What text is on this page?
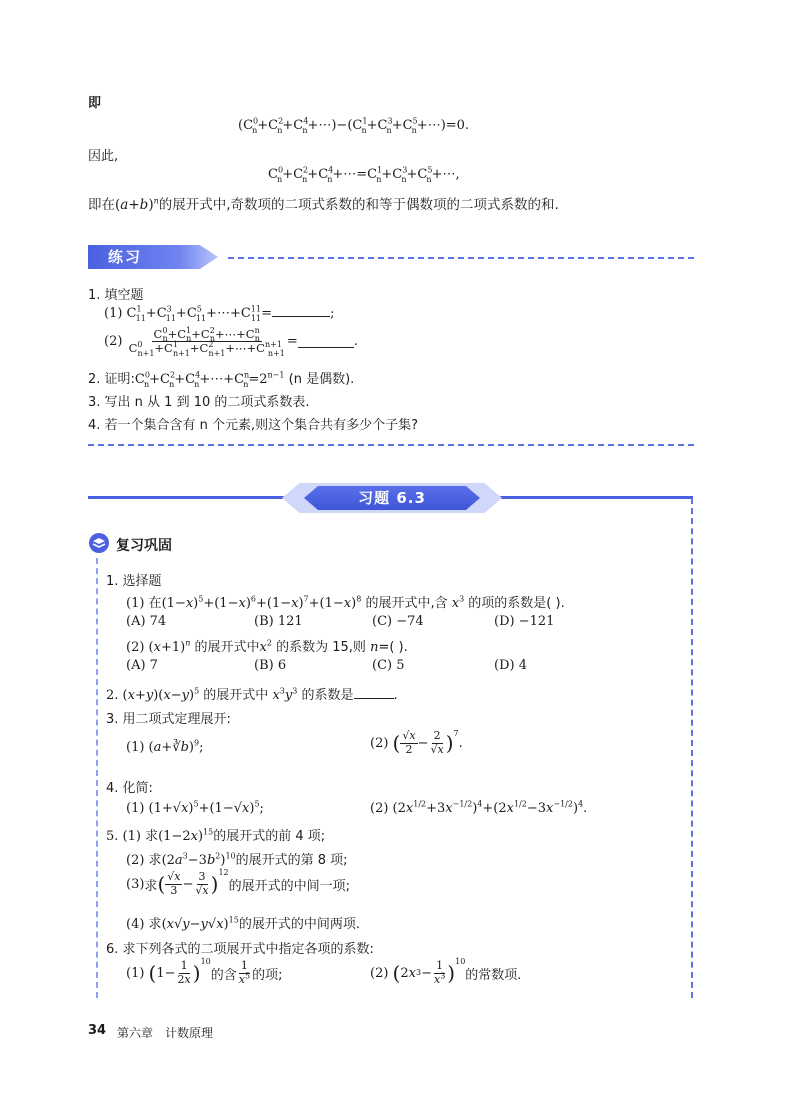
即
$(C^0_n+C^2_n+C^4_n+\cdots)-(C^1_n+C^3_n+C^5_n+\cdots)=0$.
因此,
$C^0_n+C^2_n+C^4_n+\cdots=C^1_n+C^3_n+C^5_n+\cdots$,
即在$(a+b)^n$的展开式中,奇数项的二项式系数的和等于偶数项的二项式系数的和.
练习
1. 填空题
(1) $C^1_{11}+C^3_{11}+C^5_{11}+\cdots+C^{11}_{11}=$	;
(2)
$\frac{C^0_n+C^1_n+C^2_n+\cdots+C^n_n}{C^0_{n+1}+C^1_{n+1}+C^2_{n+1}+\cdots+C^{n+1}_{n+1}}$ =	.
2. 证明$:C^0_n+C^2_n+C^4_n+\cdots+C^n_n=2^{n-1}$ (n 是偶数).
3. 写出 n 从 1 到 10 的二项式系数表.
4. 若一个集合含有 n 个元素,则这个集合共有多少个子集?
习题 6.3
复习巩固
1. 选择题
(1) 在$(1-x)^5+(1-x)^6+(1-x)^7+(1-x)^8$ 的展开式中,含 $x^3$ 的项的系数是( ).
(A) 74	(B) 121	(C) −74	(D) −121
(2) $(x+1)^n$ 的展开式中$x^2$ 的系数为 15,则 n=( ).
(A) 7	(B) 6	(C) 5	(D) 4
2. $(x+y)(x-y)^5$ 的展开式中 $x^3y^3$ 的系数是	.
3. 用二项式定理展开:
(1) (a+∛b)$^9$;	(2) ( $\frac{√x}{2} - \frac{2}{√x}$ ) 7
.
4. 化简:
(1) $(1+√x)^5+(1-√x)^5$;	(2) $(2x^{1/2}+3x^{-1/2})^4+(2x^{1/2}-3x^{-1/2})^4$.
5. (1) 求$(1-2x)^{15}$的展开式的前 4 项;
(2) 求$(2a^3-3b^2)^{10}$的展开式的第 8 项;
(3) 求 ( $\frac{√x}{3} - \frac{3}{√x}$ ) 12
的展开式的中间一项;
(4) 求$(x√y-y√x)^{15}$的展开式的中间两项.
6. 求下列各式的二项展开式中指定各项的系数:
(1) ( $1- \frac{1}{2x}$ ) 10
的含 $\frac{1}{x^5}$ 的项;	(2) ( 2 x $3 - \frac{1}{x^3}$ ) 10
的常数项.
34 第六章 计数原理
